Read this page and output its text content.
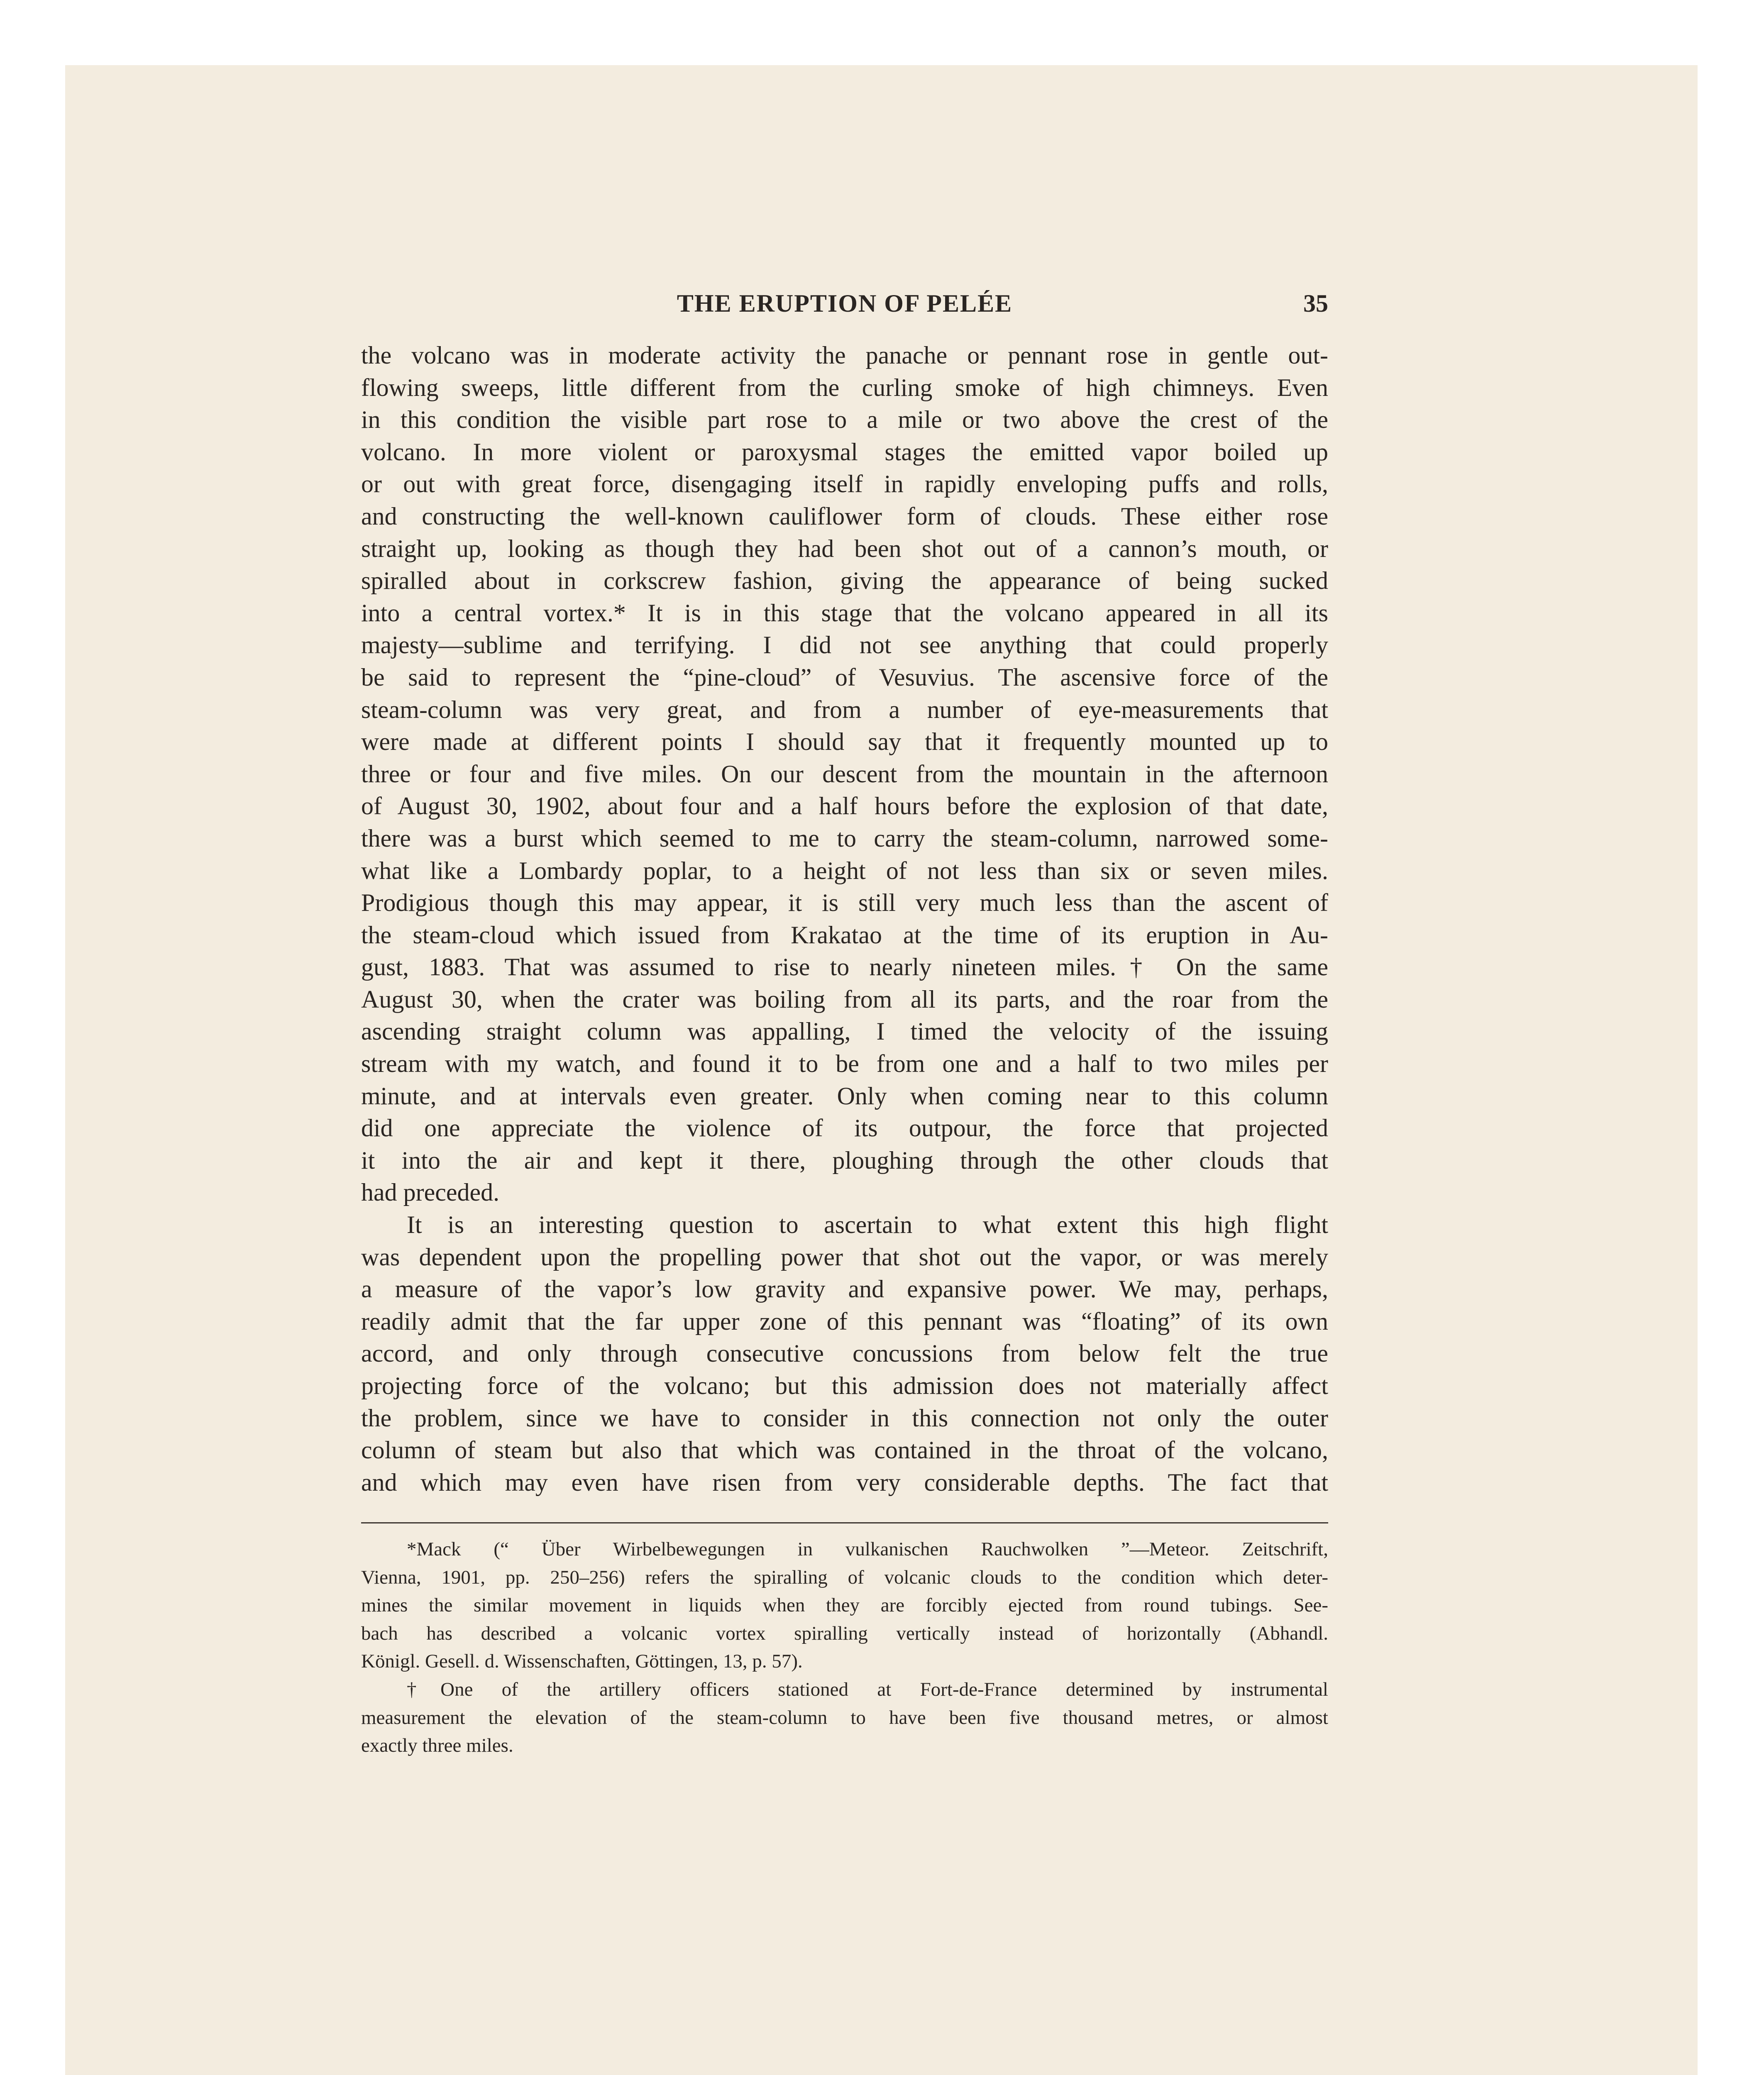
THE ERUPTION OF PELÉE	35
the volcano was in moderate activity the panache or pennant rose in gentle out-
flowing sweeps, little different from the curling smoke of high chimneys. Even
in this condition the visible part rose to a mile or two above the crest of the
volcano. In more violent or paroxysmal stages the emitted vapor boiled up
or out with great force, disengaging itself in rapidly enveloping puffs and rolls,
and constructing the well-known cauliflower form of clouds. These either rose
straight up, looking as though they had been shot out of a cannon’s mouth, or
spiralled about in corkscrew fashion, giving the appearance of being sucked
into a central vortex.* It is in this stage that the volcano appeared in all its
majesty—sublime and terrifying. I did not see anything that could properly
be said to represent the “pine-cloud” of Vesuvius. The ascensive force of the
steam-column was very great, and from a number of eye-measurements that
were made at different points I should say that it frequently mounted up to
three or four and five miles. On our descent from the mountain in the afternoon
of August 30, 1902, about four and a half hours before the explosion of that date,
there was a burst which seemed to me to carry the steam-column, narrowed some-
what like a Lombardy poplar, to a height of not less than six or seven miles.
Prodigious though this may appear, it is still very much less than the ascent of
the steam-cloud which issued from Krakatao at the time of its eruption in Au-
gust, 1883. That was assumed to rise to nearly nineteen miles.† On the same
August 30, when the crater was boiling from all its parts, and the roar from the
ascending straight column was appalling, I timed the velocity of the issuing
stream with my watch, and found it to be from one and a half to two miles per
minute, and at intervals even greater. Only when coming near to this column
did one appreciate the violence of its outpour, the force that projected
it into the air and kept it there, ploughing through the other clouds that
had preceded.
It is an interesting question to ascertain to what extent this high flight
was dependent upon the propelling power that shot out the vapor, or was merely
a measure of the vapor’s low gravity and expansive power. We may, perhaps,
readily admit that the far upper zone of this pennant was “floating” of its own
accord, and only through consecutive concussions from below felt the true
projecting force of the volcano; but this admission does not materially affect
the problem, since we have to consider in this connection not only the outer
column of steam but also that which was contained in the throat of the volcano,
and which may even have risen from very considerable depths. The fact that
*Mack (“ Über Wirbelbewegungen in vulkanischen Rauchwolken ”—Meteor. Zeitschrift,
Vienna, 1901, pp. 250–256) refers the spiralling of volcanic clouds to the condition which deter-
mines the similar movement in liquids when they are forcibly ejected from round tubings. See-
bach has described a volcanic vortex spiralling vertically instead of horizontally (Abhandl.
Königl. Gesell. d. Wissenschaften, Göttingen, 13, p. 57).
†One of the artillery officers stationed at Fort-de-France determined by instrumental
measurement the elevation of the steam-column to have been five thousand metres, or almost
exactly three miles.
